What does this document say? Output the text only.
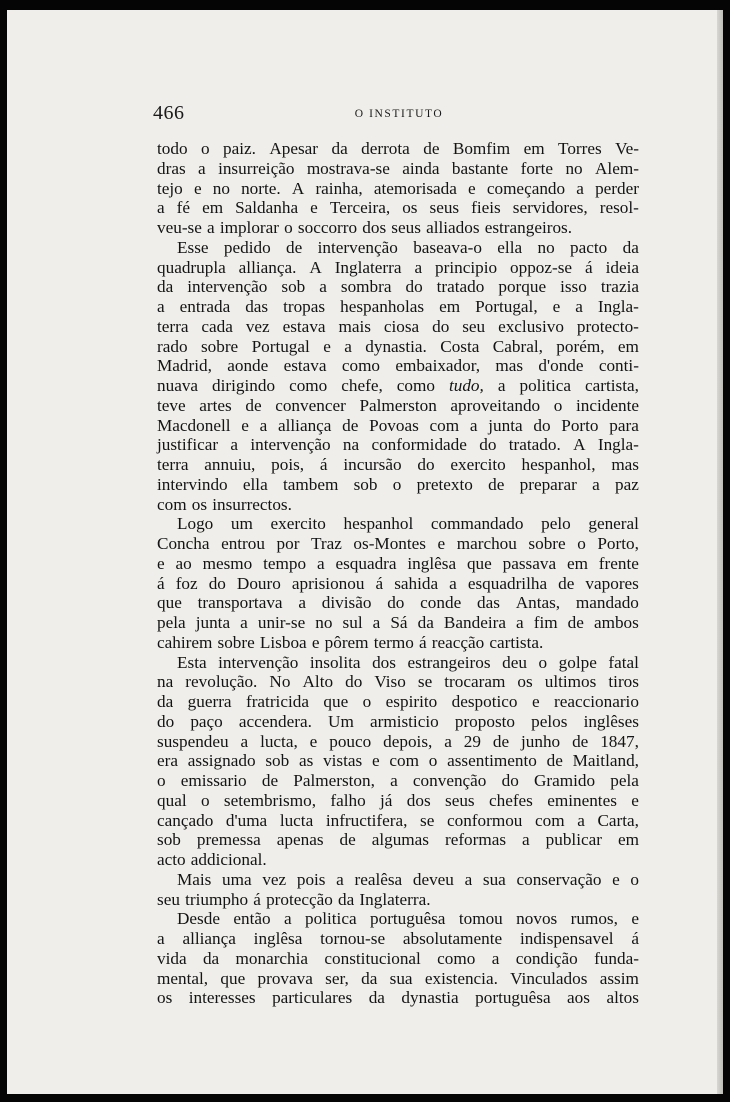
466	O INSTITUTO
todo o paiz. Apesar da derrota de Bomfim em Torres Ve-
dras a insurreição mostrava-se ainda bastante forte no Alem-
tejo e no norte. A rainha, atemorisada e começando a perder
a fé em Saldanha e Terceira, os seus fieis servidores, resol-
veu-se a implorar o soccorro dos seus alliados estrangeiros.
Esse pedido de intervenção baseava-o ella no pacto da
quadrupla alliança. A Inglaterra a principio oppoz-se á ideia
da intervenção sob a sombra do tratado porque isso trazia
a entrada das tropas hespanholas em Portugal, e a Ingla-
terra cada vez estava mais ciosa do seu exclusivo protecto-
rado sobre Portugal e a dynastia. Costa Cabral, porém, em
Madrid, aonde estava como embaixador, mas d'onde conti-
nuava dirigindo como chefe, como tudo, a politica cartista,
teve artes de convencer Palmerston aproveitando o incidente
Macdonell e a alliança de Povoas com a junta do Porto para
justificar a intervenção na conformidade do tratado. A Ingla-
terra annuiu, pois, á incursão do exercito hespanhol, mas
intervindo ella tambem sob o pretexto de preparar a paz
com os insurrectos.
Logo um exercito hespanhol commandado pelo general
Concha entrou por Traz os-Montes e marchou sobre o Porto,
e ao mesmo tempo a esquadra inglêsa que passava em frente
á foz do Douro aprisionou á sahida a esquadrilha de vapores
que transportava a divisão do conde das Antas, mandado
pela junta a unir-se no sul a Sá da Bandeira a fim de ambos
cahirem sobre Lisboa e pôrem termo á reacção cartista.
Esta intervenção insolita dos estrangeiros deu o golpe fatal
na revolução. No Alto do Viso se trocaram os ultimos tiros
da guerra fratricida que o espirito despotico e reaccionario
do paço accendera. Um armisticio proposto pelos inglêses
suspendeu a lucta, e pouco depois, a 29 de junho de 1847,
era assignado sob as vistas e com o assentimento de Maitland,
o emissario de Palmerston, a convenção do Gramido pela
qual o setembrismo, falho já dos seus chefes eminentes e
cançado d'uma lucta infructifera, se conformou com a Carta,
sob premessa apenas de algumas reformas a publicar em
acto addicional.
Mais uma vez pois a realêsa deveu a sua conservação e o
seu triumpho á protecção da Inglaterra.
Desde então a politica portuguêsa tomou novos rumos, e
a alliança inglêsa tornou-se absolutamente indispensavel á
vida da monarchia constitucional como a condição funda-
mental, que provava ser, da sua existencia. Vinculados assim
os interesses particulares da dynastia portuguêsa aos altos
